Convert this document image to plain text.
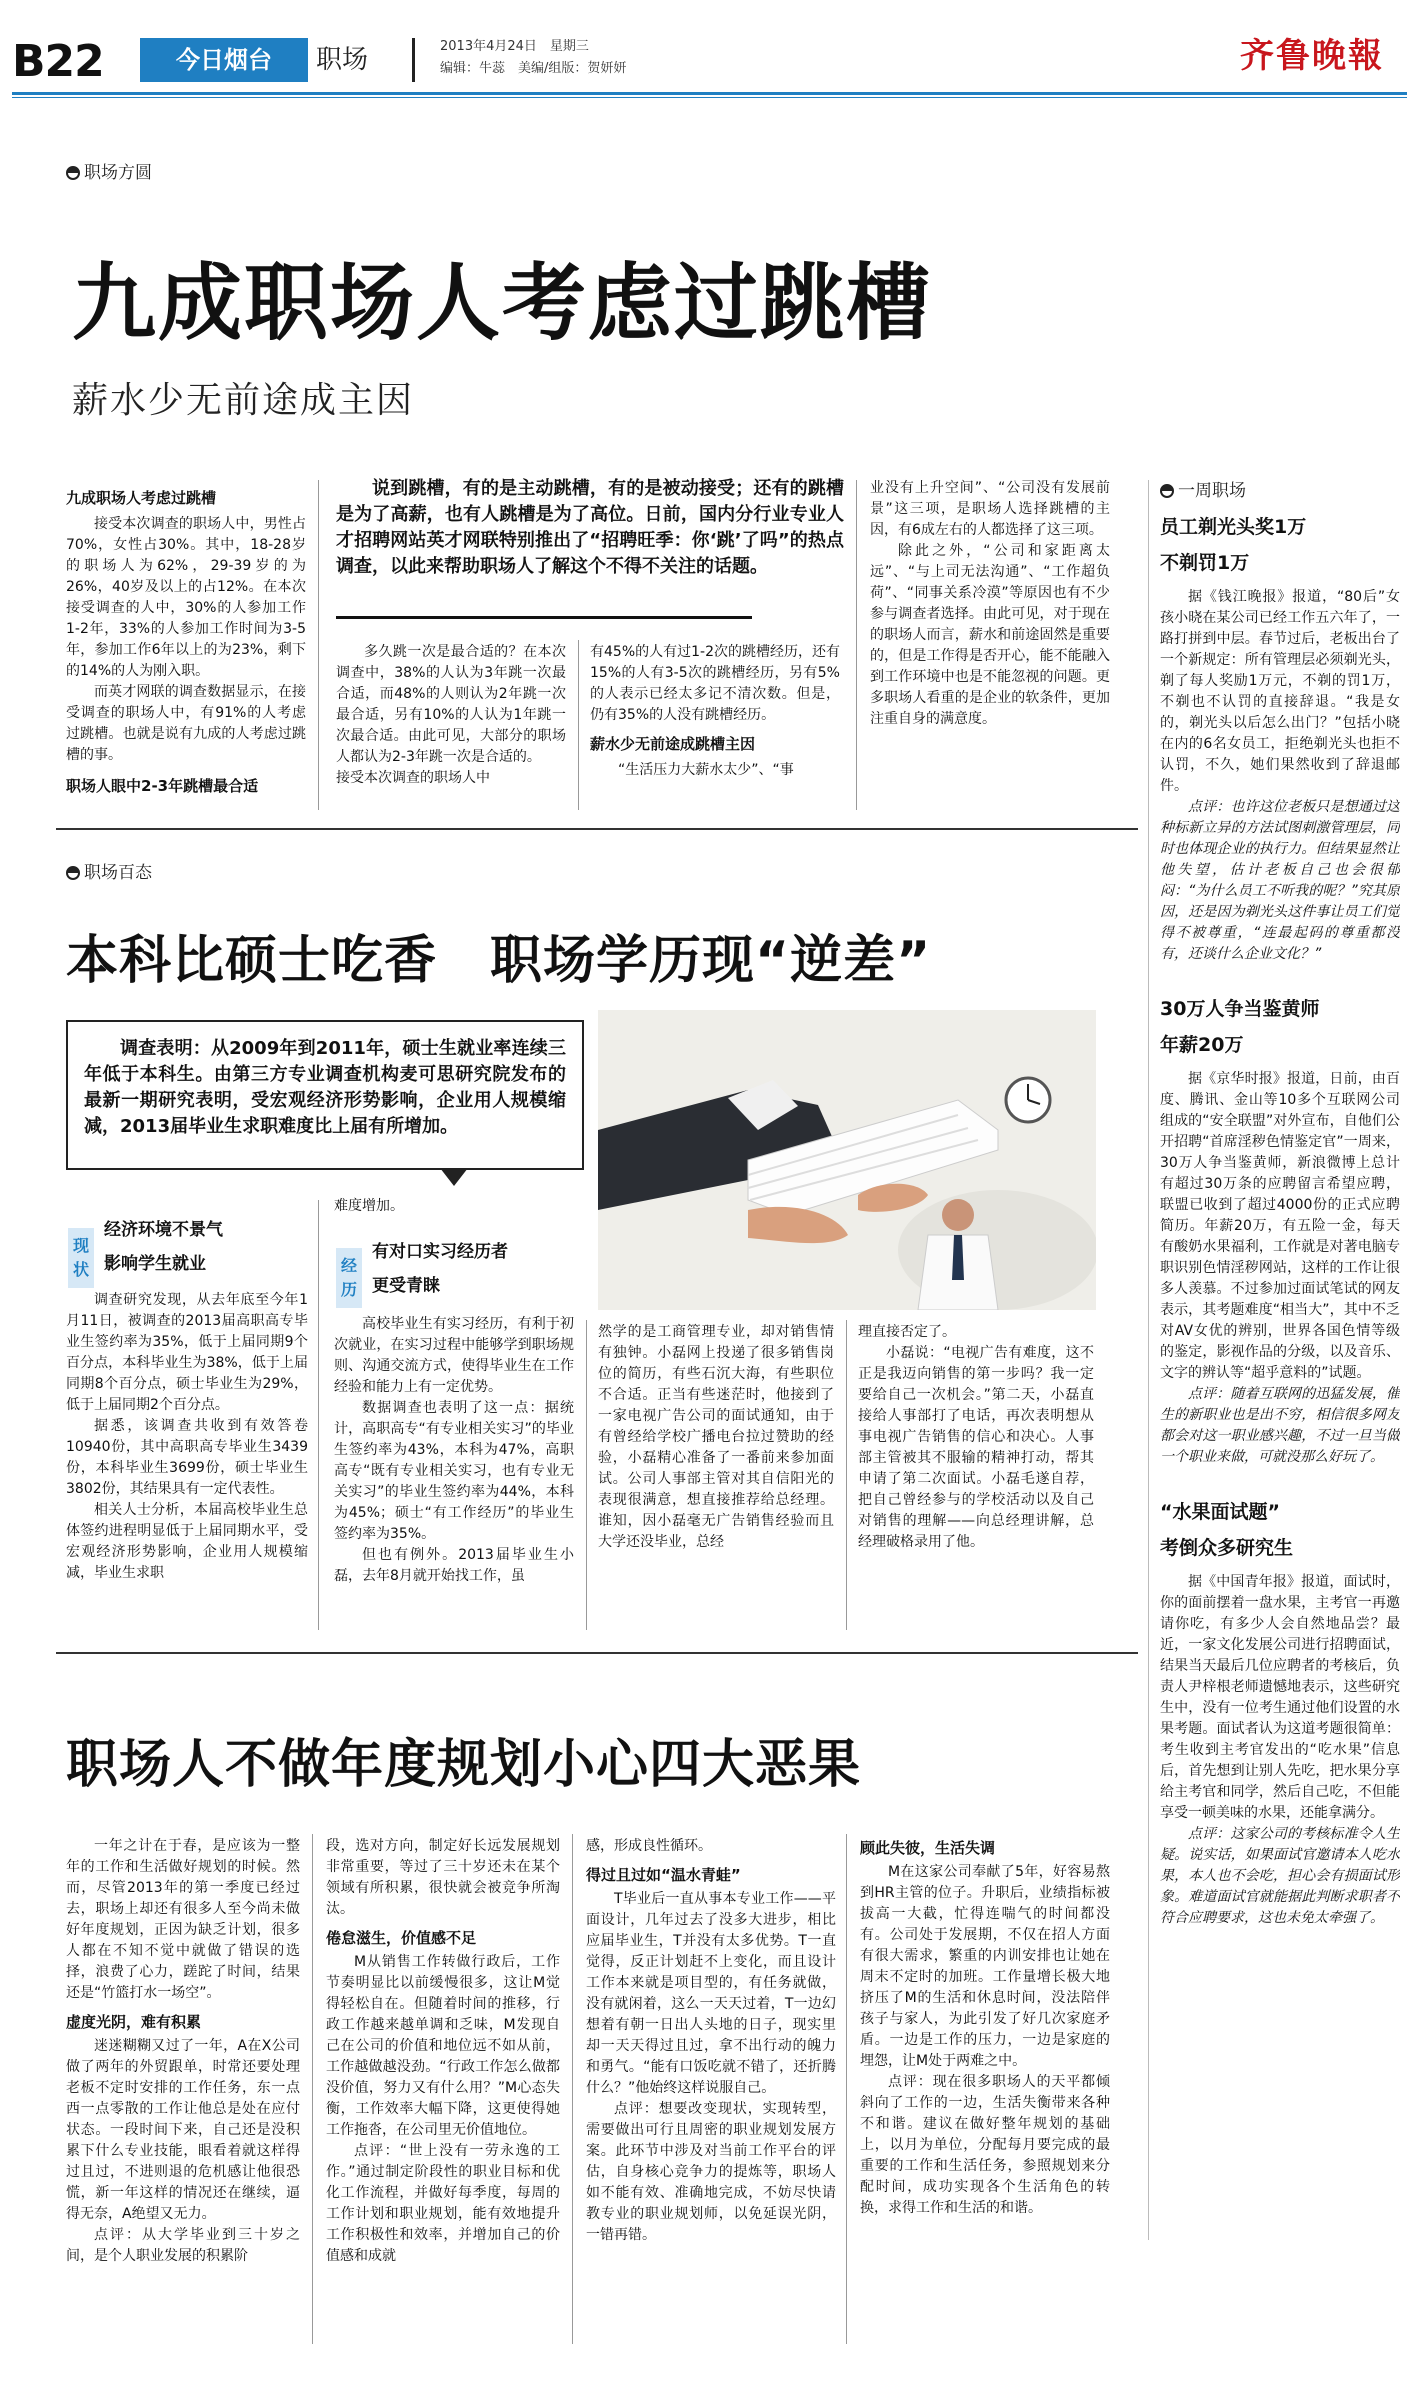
B22	今日烟台	职场	2013年4月24日　星期三
编辑：牛蕊　美编/组版：贺妍妍	齐鲁晚報
职场方圆
九成职场人考虑过跳槽
薪水少无前途成主因
九成职场人考虑过跳槽
接受本次调查的职场人中，男性占70%，女性占30%。其中，18-28岁的职场人为62%，29-39岁的为26%，40岁及以上的占12%。在本次接受调查的人中，30%的人参加工作1-2年，33%的人参加工作时间为3-5年，参加工作6年以上的为23%，剩下的14%的人为刚入职。
而英才网联的调查数据显示，在接受调查的职场人中，有91%的人考虑过跳槽。也就是说有九成的人考虑过跳槽的事。
职场人眼中2-3年跳槽最合适
说到跳槽，有的是主动跳槽，有的是被动接受；还有的跳槽是为了高薪，也有人跳槽是为了高位。日前，国内分行业专业人才招聘网站英才网联特别推出了“招聘旺季：你‘跳’了吗”的热点调查，以此来帮助职场人了解这个不得不关注的话题。
多久跳一次是最合适的？在本次调查中，38%的人认为3年跳一次最合适，而48%的人则认为2年跳一次最合适，另有10%的人认为1年跳一次最合适。由此可见，大部分的职场人都认为2-3年跳一次是合适的。
接受本次调查的职场人中
有45%的人有过1-2次的跳槽经历，还有15%的人有3-5次的跳槽经历，另有5%的人表示已经太多记不清次数。但是，仍有35%的人没有跳槽经历。
薪水少无前途成跳槽主因
“生活压力大薪水太少”、“事
业没有上升空间”、“公司没有发展前景”这三项，是职场人选择跳槽的主因，有6成左右的人都选择了这三项。
除此之外，“公司和家距离太远”、“与上司无法沟通”、“工作超负荷”、“同事关系冷漠”等原因也有不少参与调查者选择。由此可见，对于现在的职场人而言，薪水和前途固然是重要的，但是工作得是否开心，能不能融入到工作环境中也是不能忽视的问题。更多职场人看重的是企业的软条件，更加注重自身的满意度。
一周职场
员工剃光头奖1万
不剃罚1万
据《钱江晚报》报道，“80后”女孩小晓在某公司已经工作五六年了，一路打拼到中层。春节过后，老板出台了一个新规定：所有管理层必须剃光头，剃了每人奖励1万元，不剃的罚1万，不剃也不认罚的直接辞退。“我是女的，剃光头以后怎么出门？”包括小晓在内的6名女员工，拒绝剃光头也拒不认罚，不久，她们果然收到了辞退邮件。
点评：也许这位老板只是想通过这种标新立异的方法试图刺激管理层，同时也体现企业的执行力。但结果显然让他失望，估计老板自己也会很郁闷：“为什么员工不听我的呢？”究其原因，还是因为剃光头这件事让员工们觉得不被尊重，“连最起码的尊重都没有，还谈什么企业文化？”
30万人争当鉴黄师
年薪20万
据《京华时报》报道，日前，由百度、腾讯、金山等10多个互联网公司组成的“安全联盟”对外宣布，自他们公开招聘“首席淫秽色情鉴定官”一周来，30万人争当鉴黄师，新浪微博上总计有超过30万条的应聘留言希望应聘，联盟已收到了超过4000份的正式应聘简历。年薪20万，有五险一金，每天有酸奶水果福利，工作就是对著电脑专职识别色情淫秽网站，这样的工作让很多人羡慕。不过参加过面试笔试的网友表示，其考题难度“相当大”，其中不乏对AV女优的辨别，世界各国色情等级的鉴定，影视作品的分级，以及音乐、文字的辨认等“超乎意料的”试题。
点评：随着互联网的迅猛发展，催生的新职业也是出不穷，相信很多网友都会对这一职业感兴趣，不过一旦当做一个职业来做，可就没那么好玩了。
“水果面试题”
考倒众多研究生
据《中国青年报》报道，面试时，你的面前摆着一盘水果，主考官一再邀请你吃，有多少人会自然地品尝？最近，一家文化发展公司进行招聘面试，结果当天最后几位应聘者的考核后，负责人尹梓根老师遗憾地表示，这些研究生中，没有一位考生通过他们设置的水果考题。面试者认为这道考题很简单：考生收到主考官发出的“吃水果”信息后，首先想到让别人先吃，把水果分享给主考官和同学，然后自己吃，不但能享受一顿美味的水果，还能拿满分。
点评：这家公司的考核标准令人生疑。说实话，如果面试官邀请本人吃水果，本人也不会吃，担心会有损面试形象。难道面试官就能据此判断求职者不符合应聘要求，这也未免太牵强了。
职场百态
本科比硕士吃香　职场学历现“逆差”
调查表明：从2009年到2011年，硕士生就业率连续三年低于本科生。由第三方专业调查机构麦可思研究院发布的最新一期研究表明，受宏观经济形势影响，企业用人规模缩减，2013届毕业生求职难度比上届有所增加。
现状
经济环境不景气
影响学生就业
调查研究发现，从去年底至今年1月11日，被调查的2013届高职高专毕业生签约率为35%，低于上届同期9个百分点，本科毕业生为38%，低于上届同期8个百分点，硕士毕业生为29%，低于上届同期2个百分点。
据悉，该调查共收到有效答卷10940份，其中高职高专毕业生3439份，本科毕业生3699份，硕士毕业生3802份，其结果具有一定代表性。
相关人士分析，本届高校毕业生总体签约进程明显低于上届同期水平，受宏观经济形势影响，企业用人规模缩减，毕业生求职
难度增加。
经历
有对口实习经历者
更受青睐
高校毕业生有实习经历，有利于初次就业，在实习过程中能够学到职场规则、沟通交流方式，使得毕业生在工作经验和能力上有一定优势。
数据调查也表明了这一点：据统计，高职高专“有专业相关实习”的毕业生签约率为43%，本科为47%，高职高专“既有专业相关实习，也有专业无关实习”的毕业生签约率为44%，本科为45%；硕士“有工作经历”的毕业生签约率为35%。
但也有例外。2013届毕业生小磊，去年8月就开始找工作，虽
然学的是工商管理专业，却对销售情有独钟。小磊网上投递了很多销售岗位的简历，有些石沉大海，有些职位不合适。正当有些迷茫时，他接到了一家电视广告公司的面试通知，由于有曾经给学校广播电台拉过赞助的经验，小磊精心准备了一番前来参加面试。公司人事部主管对其自信阳光的表现很满意，想直接推荐给总经理。谁知，因小磊毫无广告销售经验而且大学还没毕业，总经
理直接否定了。
小磊说：“电视广告有难度，这不正是我迈向销售的第一步吗？我一定要给自己一次机会。”第二天，小磊直接给人事部打了电话，再次表明想从事电视广告销售的信心和决心。人事部主管被其不服输的精神打动，帮其申请了第二次面试。小磊毛遂自荐，把自己曾经参与的学校活动以及自己对销售的理解——向总经理讲解，总经理破格录用了他。
职场人不做年度规划小心四大恶果
一年之计在于春，是应该为一整年的工作和生活做好规划的时候。然而，尽管2013年的第一季度已经过去，职场上却还有很多人至今尚未做好年度规划，正因为缺乏计划，很多人都在不知不觉中就做了错误的选择，浪费了心力，蹉跎了时间，结果还是“竹篮打水一场空”。
虚度光阴，难有积累
迷迷糊糊又过了一年，A在X公司做了两年的外贸跟单，时常还要处理老板不定时安排的工作任务，东一点西一点零散的工作让他总是处在应付状态。一段时间下来，自己还是没积累下什么专业技能，眼看着就这样得过且过，不进则退的危机感让他很恐慌，新一年这样的情况还在继续，逼得无奈，A绝望又无力。
点评：从大学毕业到三十岁之间，是个人职业发展的积累阶
段，选对方向，制定好长远发展规划非常重要，等过了三十岁还未在某个领域有所积累，很快就会被竞争所淘汰。
倦怠滋生，价值感不足
M从销售工作转做行政后，工作节奏明显比以前缓慢很多，这让M觉得轻松自在。但随着时间的推移，行政工作越来越单调和乏味，M发现自己在公司的价值和地位远不如从前，工作越做越没劲。“行政工作怎么做都没价值，努力又有什么用？”M心态失衡，工作效率大幅下降，这更使得她工作拖沓，在公司里无价值地位。
点评：“世上没有一劳永逸的工作。”通过制定阶段性的职业目标和优化工作流程，并做好每季度，每周的工作计划和职业规划，能有效地提升工作积极性和效率，并增加自己的价值感和成就
感，形成良性循环。
得过且过如“温水青蛙”
T毕业后一直从事本专业工作——平面设计，几年过去了没多大进步，相比应届毕业生，T并没有太多优势。T一直觉得，反正计划赶不上变化，而且设计工作本来就是项目型的，有任务就做，没有就闲着，这么一天天过着，T一边幻想着有朝一日出人头地的日子，现实里却一天天得过且过，拿不出行动的魄力和勇气。“能有口饭吃就不错了，还折腾什么？”他始终这样说服自己。
点评：想要改变现状，实现转型，需要做出可行且周密的职业规划发展方案。此环节中涉及对当前工作平台的评估，自身核心竞争力的提炼等，职场人如不能有效、准确地完成，不妨尽快请教专业的职业规划师，以免延误光阴，一错再错。
顾此失彼，生活失调
M在这家公司奉献了5年，好容易熬到HR主管的位子。升职后，业绩指标被拔高一大截，忙得连喘气的时间都没有。公司处于发展期，不仅在招人方面有很大需求，繁重的内训安排也让她在周末不定时的加班。工作量增长极大地挤压了M的生活和休息时间，没法陪伴孩子与家人，为此引发了好几次家庭矛盾。一边是工作的压力，一边是家庭的埋怨，让M处于两难之中。
点评：现在很多职场人的天平都倾斜向了工作的一边，生活失衡带来各种不和谐。建议在做好整年规划的基础上，以月为单位，分配每月要完成的最重要的工作和生活任务，参照规划来分配时间，成功实现各个生活角色的转换，求得工作和生活的和谐。
